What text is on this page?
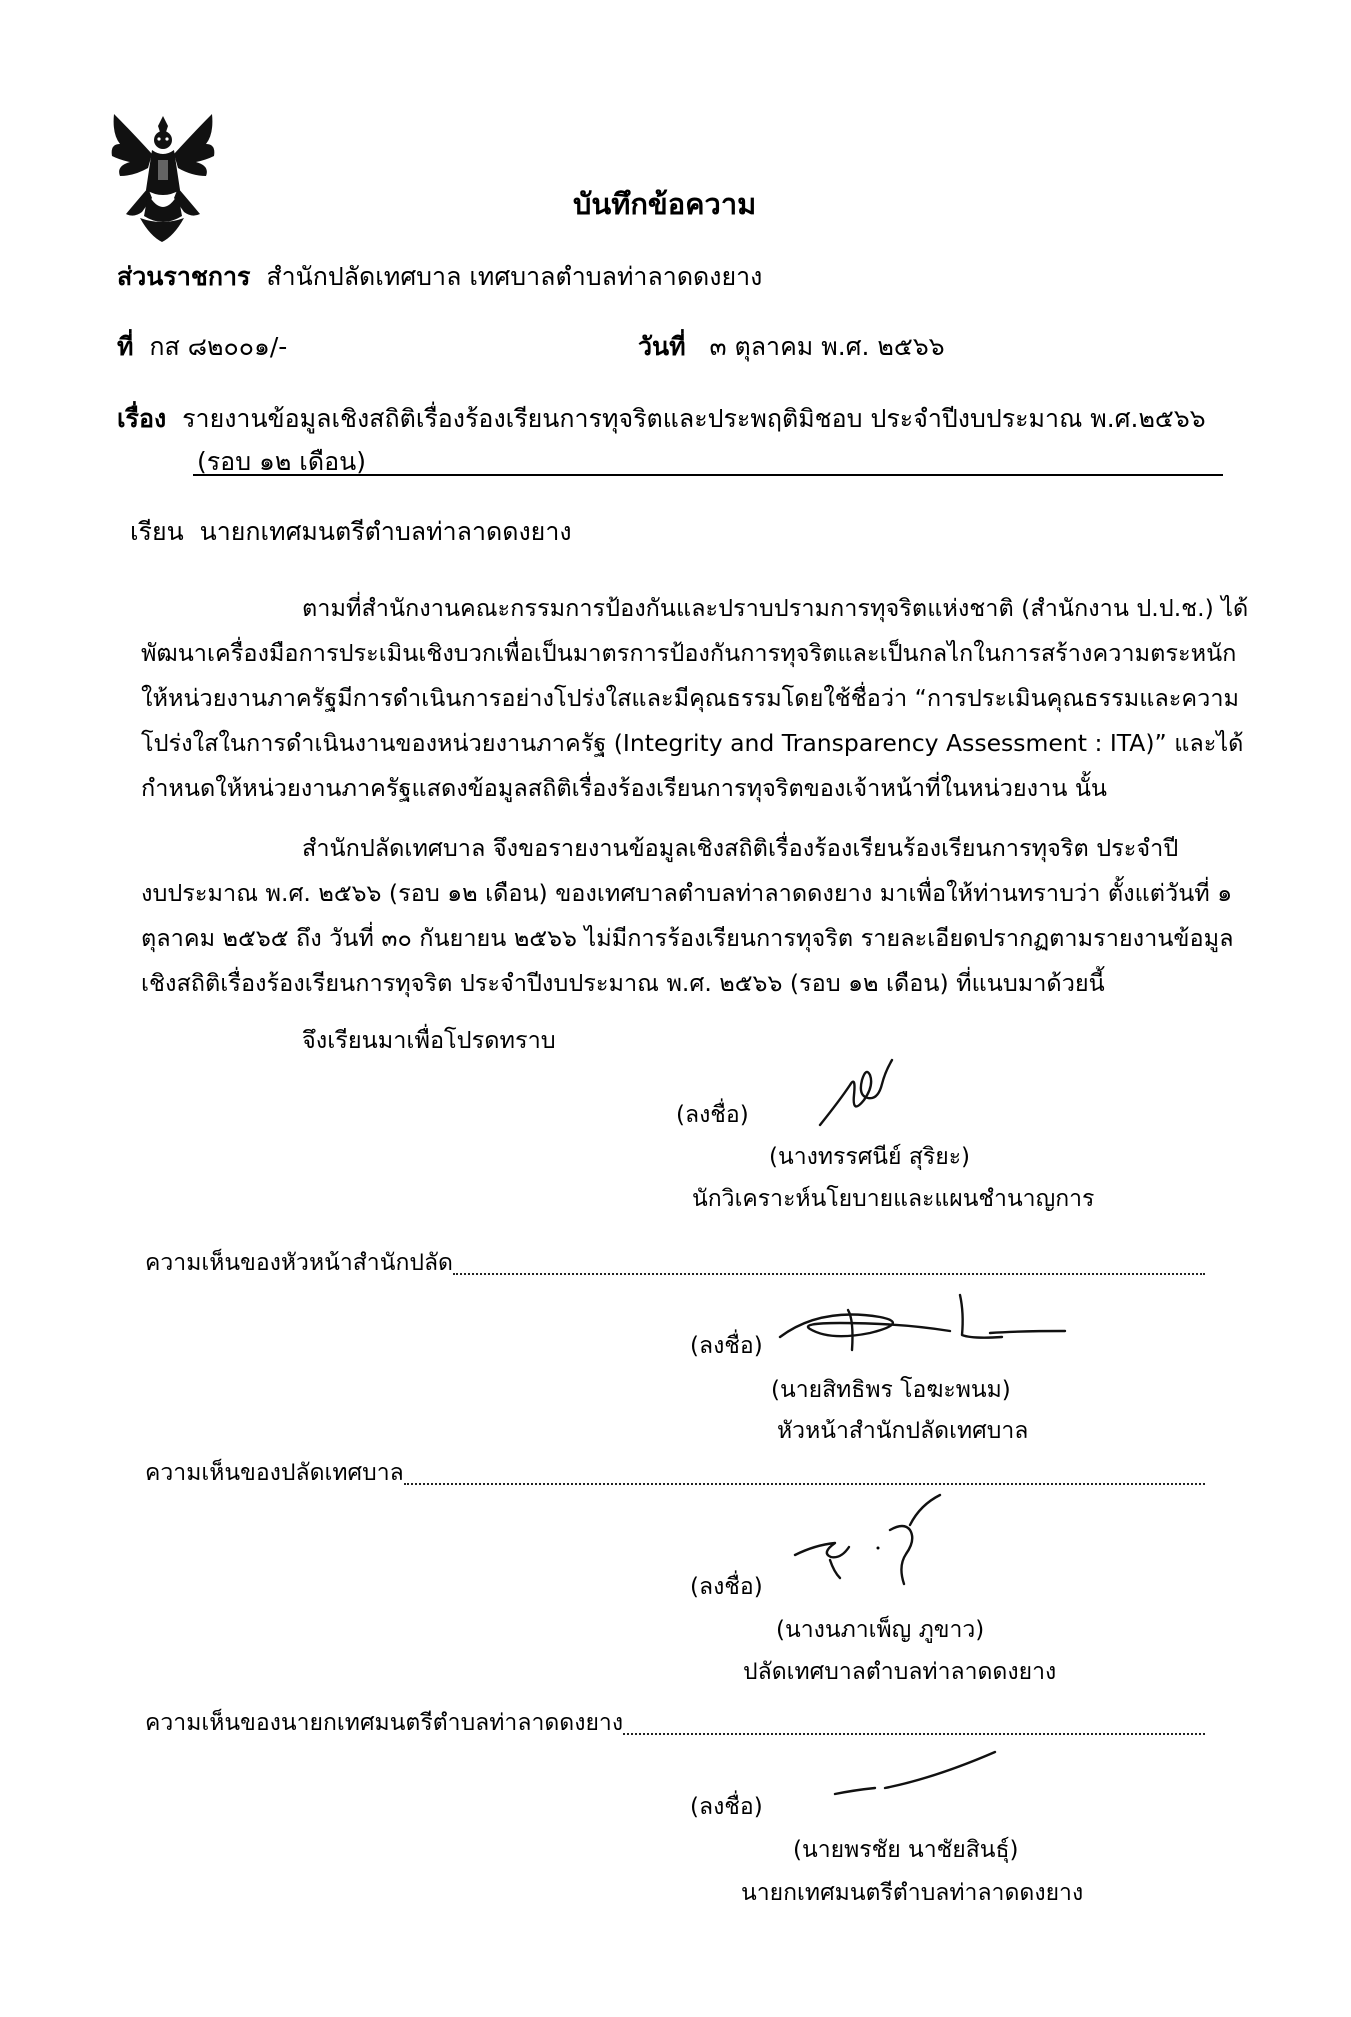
บันทึกข้อความ
ส่วนราชการ สำนักปลัดเทศบาล เทศบาลตำบลท่าลาดดงยาง
ที่ กส ๘๒๐๐๑/-	วันที่ ๓ ตุลาคม พ.ศ. ๒๕๖๖
เรื่อง รายงานข้อมูลเชิงสถิติเรื่องร้องเรียนการทุจริตและประพฤติมิชอบ ประจำปีงบประมาณ พ.ศ.๒๕๖๖
(รอบ ๑๒ เดือน)
เรียน นายกเทศมนตรีตำบลท่าลาดดงยาง
ตามที่สำนักงานคณะกรรมการป้องกันและปราบปรามการทุจริตแห่งชาติ (สำนักงาน ป.ป.ช.) ได้
พัฒนาเครื่องมือการประเมินเชิงบวกเพื่อเป็นมาตรการป้องกันการทุจริตและเป็นกลไกในการสร้างความตระหนัก
ให้หน่วยงานภาครัฐมีการดำเนินการอย่างโปร่งใสและมีคุณธรรมโดยใช้ชื่อว่า “การประเมินคุณธรรมและความ
โปร่งใสในการดำเนินงานของหน่วยงานภาครัฐ (Integrity and Transparency Assessment : ITA)” และได้
กำหนดให้หน่วยงานภาครัฐแสดงข้อมูลสถิติเรื่องร้องเรียนการทุจริตของเจ้าหน้าที่ในหน่วยงาน นั้น
สำนักปลัดเทศบาล จึงขอรายงานข้อมูลเชิงสถิติเรื่องร้องเรียนร้องเรียนการทุจริต ประจำปี
งบประมาณ พ.ศ. ๒๕๖๖ (รอบ ๑๒ เดือน) ของเทศบาลตำบลท่าลาดดงยาง มาเพื่อให้ท่านทราบว่า ตั้งแต่วันที่ ๑
ตุลาคม ๒๕๖๕ ถึง วันที่ ๓๐ กันยายน ๒๕๖๖ ไม่มีการร้องเรียนการทุจริต รายละเอียดปรากฏตามรายงานข้อมูล
เชิงสถิติเรื่องร้องเรียนการทุจริต ประจำปีงบประมาณ พ.ศ. ๒๕๖๖ (รอบ ๑๒ เดือน) ที่แนบมาด้วยนี้
จึงเรียนมาเพื่อโปรดทราบ
(ลงชื่อ)
(นางทรรศนีย์ สุริยะ)
นักวิเคราะห์นโยบายและแผนชำนาญการ
ความเห็นของหัวหน้าสำนักปลัด
(ลงชื่อ)
(นายสิทธิพร โอฆะพนม)
หัวหน้าสำนักปลัดเทศบาล
ความเห็นของปลัดเทศบาล
(ลงชื่อ)
(นางนภาเพ็ญ ภูขาว)
ปลัดเทศบาลตำบลท่าลาดดงยาง
ความเห็นของนายกเทศมนตรีตำบลท่าลาดดงยาง
(ลงชื่อ)
(นายพรชัย นาชัยสินธุ์)
นายกเทศมนตรีตำบลท่าลาดดงยาง
